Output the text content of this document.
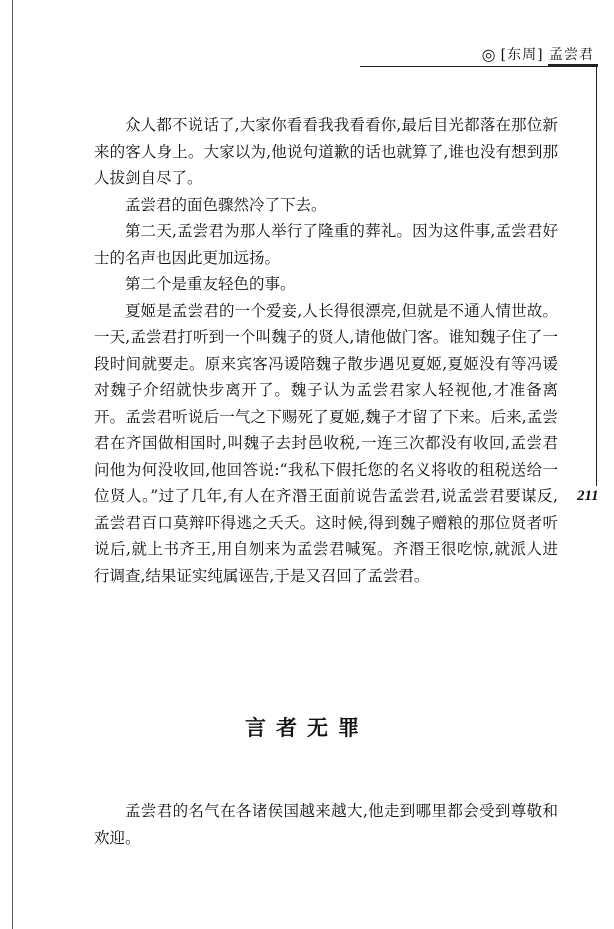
◎ [东周] 孟尝君
211

众人都不说话了,大家你看看我我看看你,最后目光都落在那位新来的客人身上。大家以为,他说句道歉的话也就算了,谁也没有想到那人拔剑自尽了。

孟尝君的面色骤然冷了下去。

第二天,孟尝君为那人举行了隆重的葬礼。因为这件事,孟尝君好士的名声也因此更加远扬。

第二个是重友轻色的事。

夏姬是孟尝君的一个爱妾,人长得很漂亮,但就是不通人情世故。一天,孟尝君打听到一个叫魏子的贤人,请他做门客。谁知魏子住了一段时间就要走。原来宾客冯谖陪魏子散步遇见夏姬,夏姬没有等冯谖对魏子介绍就快步离开了。魏子认为孟尝君家人轻视他,才准备离开。孟尝君听说后一气之下赐死了夏姬,魏子才留了下来。后来,孟尝君在齐国做相国时,叫魏子去封邑收税,一连三次都没有收回,孟尝君问他为何没收回,他回答说:“我私下假托您的名义将收的租税送给一位贤人。”过了几年,有人在齐湣王面前说告孟尝君,说孟尝君要谋反,孟尝君百口莫辩吓得逃之夭夭。这时候,得到魏子赠粮的那位贤者听说后,就上书齐王,用自刎来为孟尝君喊冤。齐湣王很吃惊,就派人进行调查,结果证实纯属诬告,于是又召回了孟尝君。

言者无罪

孟尝君的名气在各诸侯国越来越大,他走到哪里都会受到尊敬和欢迎。
